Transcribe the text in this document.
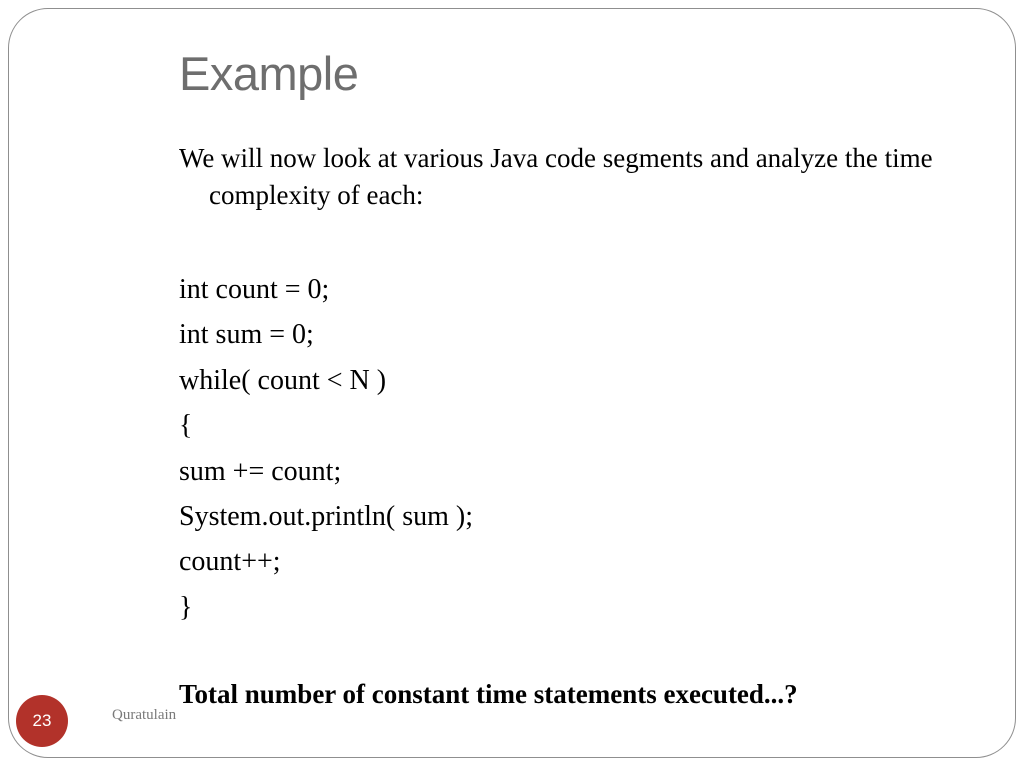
Example

We will now look at various Java code segments and analyze the time complexity of each:

int count = 0;
int sum = 0;
while( count < N )
{
sum += count;
System.out.println( sum );
count++;
}
Total number of constant time statements executed...?
23	Quratulain
